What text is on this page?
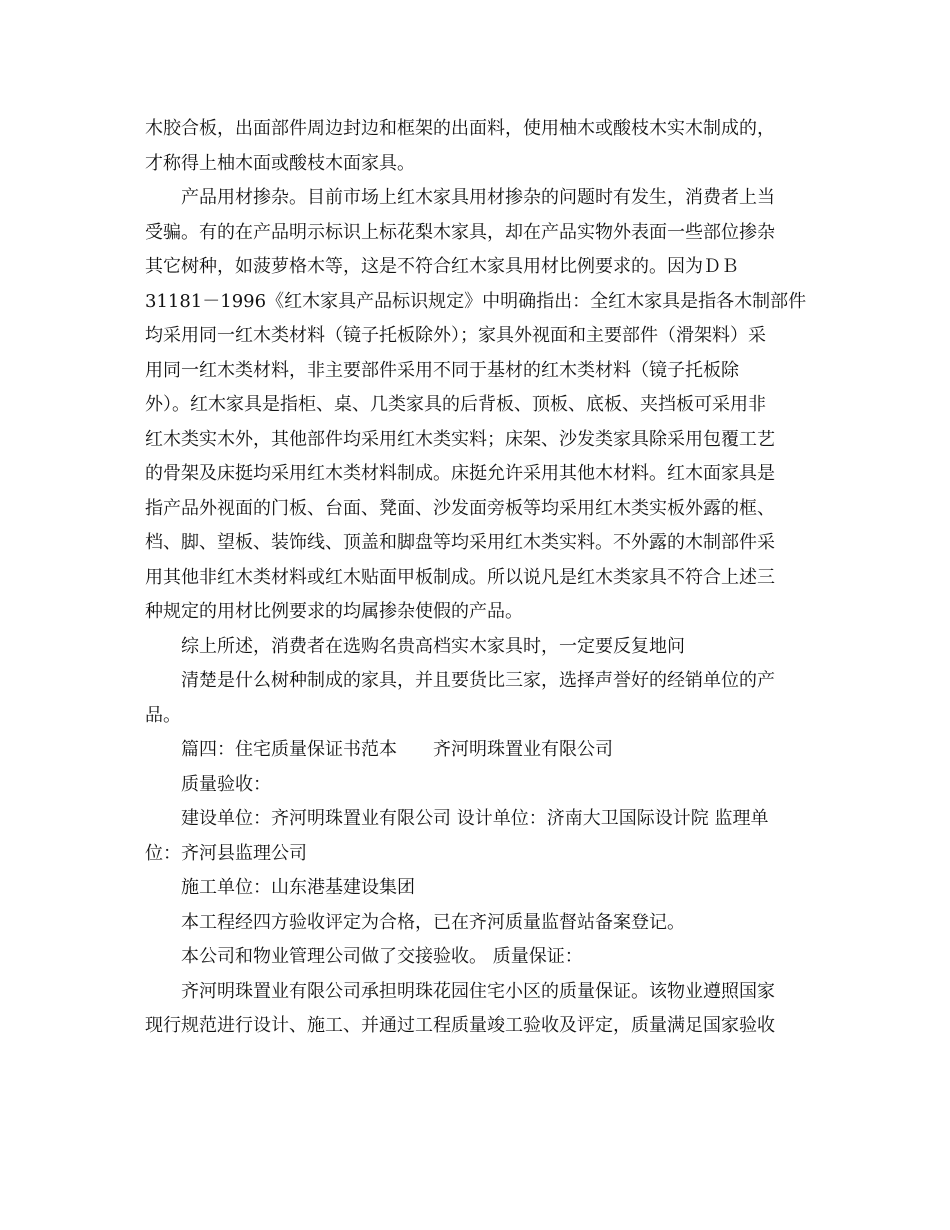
木胶合板，出面部件周边封边和框架的出面料，使用柚木或酸枝木实木制成的，
才称得上柚木面或酸枝木面家具。
产品用材掺杂。目前市场上红木家具用材掺杂的问题时有发生，消费者上当
受骗。有的在产品明示标识上标花梨木家具，却在产品实物外表面一些部位掺杂
其它树种，如菠萝格木等，这是不符合红木家具用材比例要求的。因为ＤＢ
31181－1996《红木家具产品标识规定》中明确指出：全红木家具是指各木制部件
均采用同一红木类材料（镜子托板除外）；家具外视面和主要部件（滑架料）采
用同一红木类材料，非主要部件采用不同于基材的红木类材料（镜子托板除
外）。红木家具是指柜、桌、几类家具的后背板、顶板、底板、夹挡板可采用非
红木类实木外，其他部件均采用红木类实料；床架、沙发类家具除采用包覆工艺
的骨架及床挺均采用红木类材料制成。床挺允许采用其他木材料。红木面家具是
指产品外视面的门板、台面、凳面、沙发面旁板等均采用红木类实板外露的框、
档、脚、望板、装饰线、顶盖和脚盘等均采用红木类实料。不外露的木制部件采
用其他非红木类材料或红木贴面甲板制成。所以说凡是红木类家具不符合上述三
种规定的用材比例要求的均属掺杂使假的产品。
综上所述，消费者在选购名贵高档实木家具时，一定要反复地问
清楚是什么树种制成的家具，并且要货比三家，选择声誉好的经销单位的产
品。
篇四：住宅质量保证书范本　　齐河明珠置业有限公司
质量验收：
建设单位：齐河明珠置业有限公司 设计单位：济南大卫国际设计院 监理单
位：齐河县监理公司
施工单位：山东港基建设集团
本工程经四方验收评定为合格，已在齐河质量监督站备案登记。
本公司和物业管理公司做了交接验收。 质量保证：
齐河明珠置业有限公司承担明珠花园住宅小区的质量保证。该物业遵照国家
现行规范进行设计、施工、并通过工程质量竣工验收及评定，质量满足国家验收
